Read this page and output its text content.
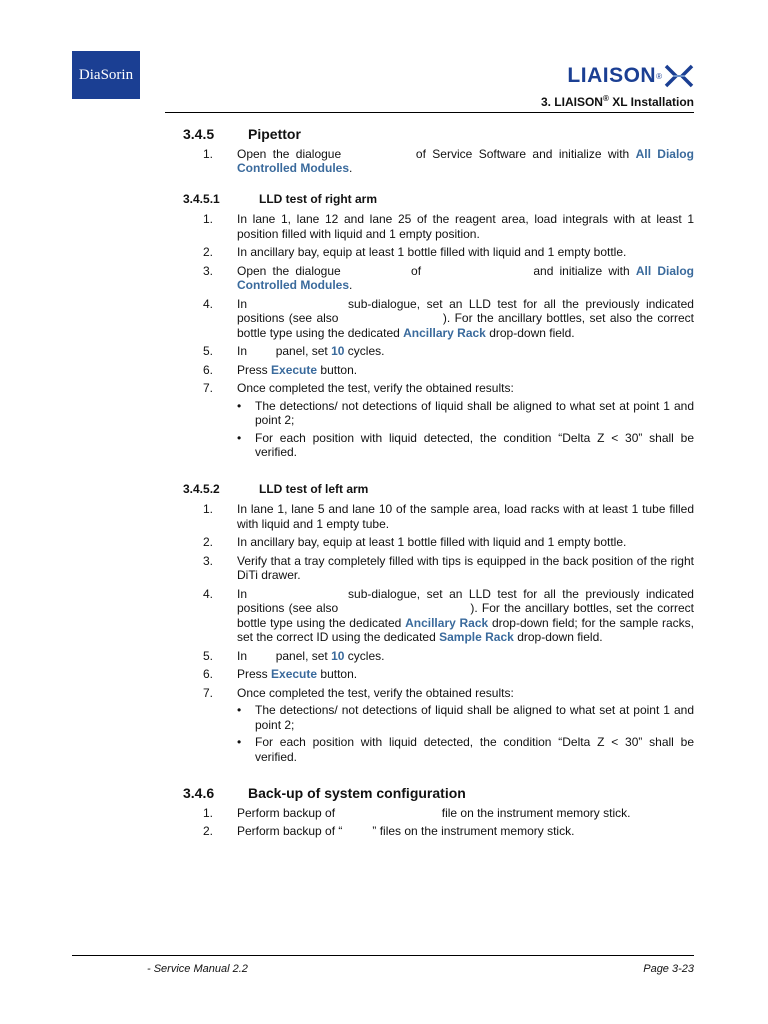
DiaSorin	LIAISON ®
3. LIAISON® XL Installation
3.4.5	Pipettor
1.	Open the dialogue	of Service Software and initialize with All Dialog Controlled Modules.
3.4.5.1	LLD test of right arm
1.	In lane 1, lane 12 and lane 25 of the reagent area, load integrals with at least 1 position filled with liquid and 1 empty position.
2.	In ancillary bay, equip at least 1 bottle filled with liquid and 1 empty bottle.
3.	Open the dialogue	of	and initialize with All Dialog Controlled Modules.
4.	In	sub-dialogue, set an LLD test for all the previously indicated positions (see also	). For the ancillary bottles, set also the correct bottle type using the dedicated Ancillary Rack drop-down field.
5.	In panel, set 10 cycles.
6.	Press Execute button.
7.	Once completed the test, verify the obtained results:
•	The detections/ not detections of liquid shall be aligned to what set at point 1 and point 2;
•	For each position with liquid detected, the condition “Delta Z < 30” shall be verified.
3.4.5.2	LLD test of left arm
1.	In lane 1, lane 5 and lane 10 of the sample area, load racks with at least 1 tube filled with liquid and 1 empty tube.
2.	In ancillary bay, equip at least 1 bottle filled with liquid and 1 empty bottle.
3.	Verify that a tray completely filled with tips is equipped in the back position of the right DiTi drawer.
4.	In	sub-dialogue, set an LLD test for all the previously indicated positions (see also	). For the ancillary bottles, set the correct bottle type using the dedicated Ancillary Rack drop-down field; for the sample racks, set the correct ID using the dedicated Sample Rack drop-down field.
5.	In panel, set 10 cycles.
6.	Press Execute button.
7.	Once completed the test, verify the obtained results:
•	The detections/ not detections of liquid shall be aligned to what set at point 1 and point 2;
•	For each position with liquid detected, the condition “Delta Z < 30” shall be verified.
3.4.6	Back-up of system configuration
1.	Perform backup of	file on the instrument memory stick.
2.	Perform backup of “	” files on the instrument memory stick.
- Service Manual 2.2	Page 3-23
